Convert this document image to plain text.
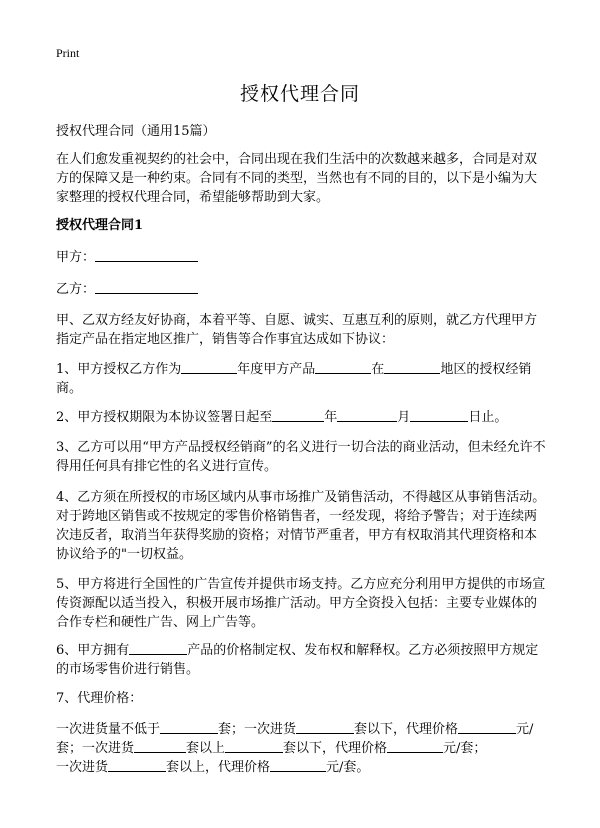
Print
授权代理合同

授权代理合同（通用15篇）

在人们愈发重视契约的社会中，合同出现在我们生活中的次数越来越多，合同是对双方的保障又是一种约束。合同有不同的类型，当然也有不同的目的，以下是小编为大家整理的授权代理合同，希望能够帮助到大家。

授权代理合同1

甲方：

乙方：

甲、乙双方经友好协商，本着平等、自愿、诚实、互惠互利的原则，就乙方代理甲方指定产品在指定地区推广，销售等合作事宜达成如下协议：

1、甲方授权乙方作为	年度甲方产品	在	地区的授权经销商。

2、甲方授权期限为本协议签署日起至	年	月	日止。

3、乙方可以用“甲方产品授权经销商”的名义进行一切合法的商业活动，但未经允许不得用任何具有排它性的名义进行宣传。

4、乙方须在所授权的市场区域内从事市场推广及销售活动，不得越区从事销售活动。对于跨地区销售或不按规定的零售价格销售者，一经发现，将给予警告；对于连续两次违反者，取消当年获得奖励的资格；对情节严重者，甲方有权取消其代理资格和本协议给予的"一切权益。

5、甲方将进行全国性的广告宣传并提供市场支持。乙方应充分利用甲方提供的市场宣传资源配以适当投入，积极开展市场推广活动。甲方全资投入包括：主要专业媒体的合作专栏和硬性广告、网上广告等。

6、甲方拥有	产品的价格制定权、发布权和解释权。乙方必须按照甲方规定的市场零售价进行销售。

7、代理价格：

一次进货量不低于	套；一次进货	套以下，代理价格	元/套；一次进货	套以上	套以下，代理价格	元/套；
一次进货	套以上，代理价格	元/套。
